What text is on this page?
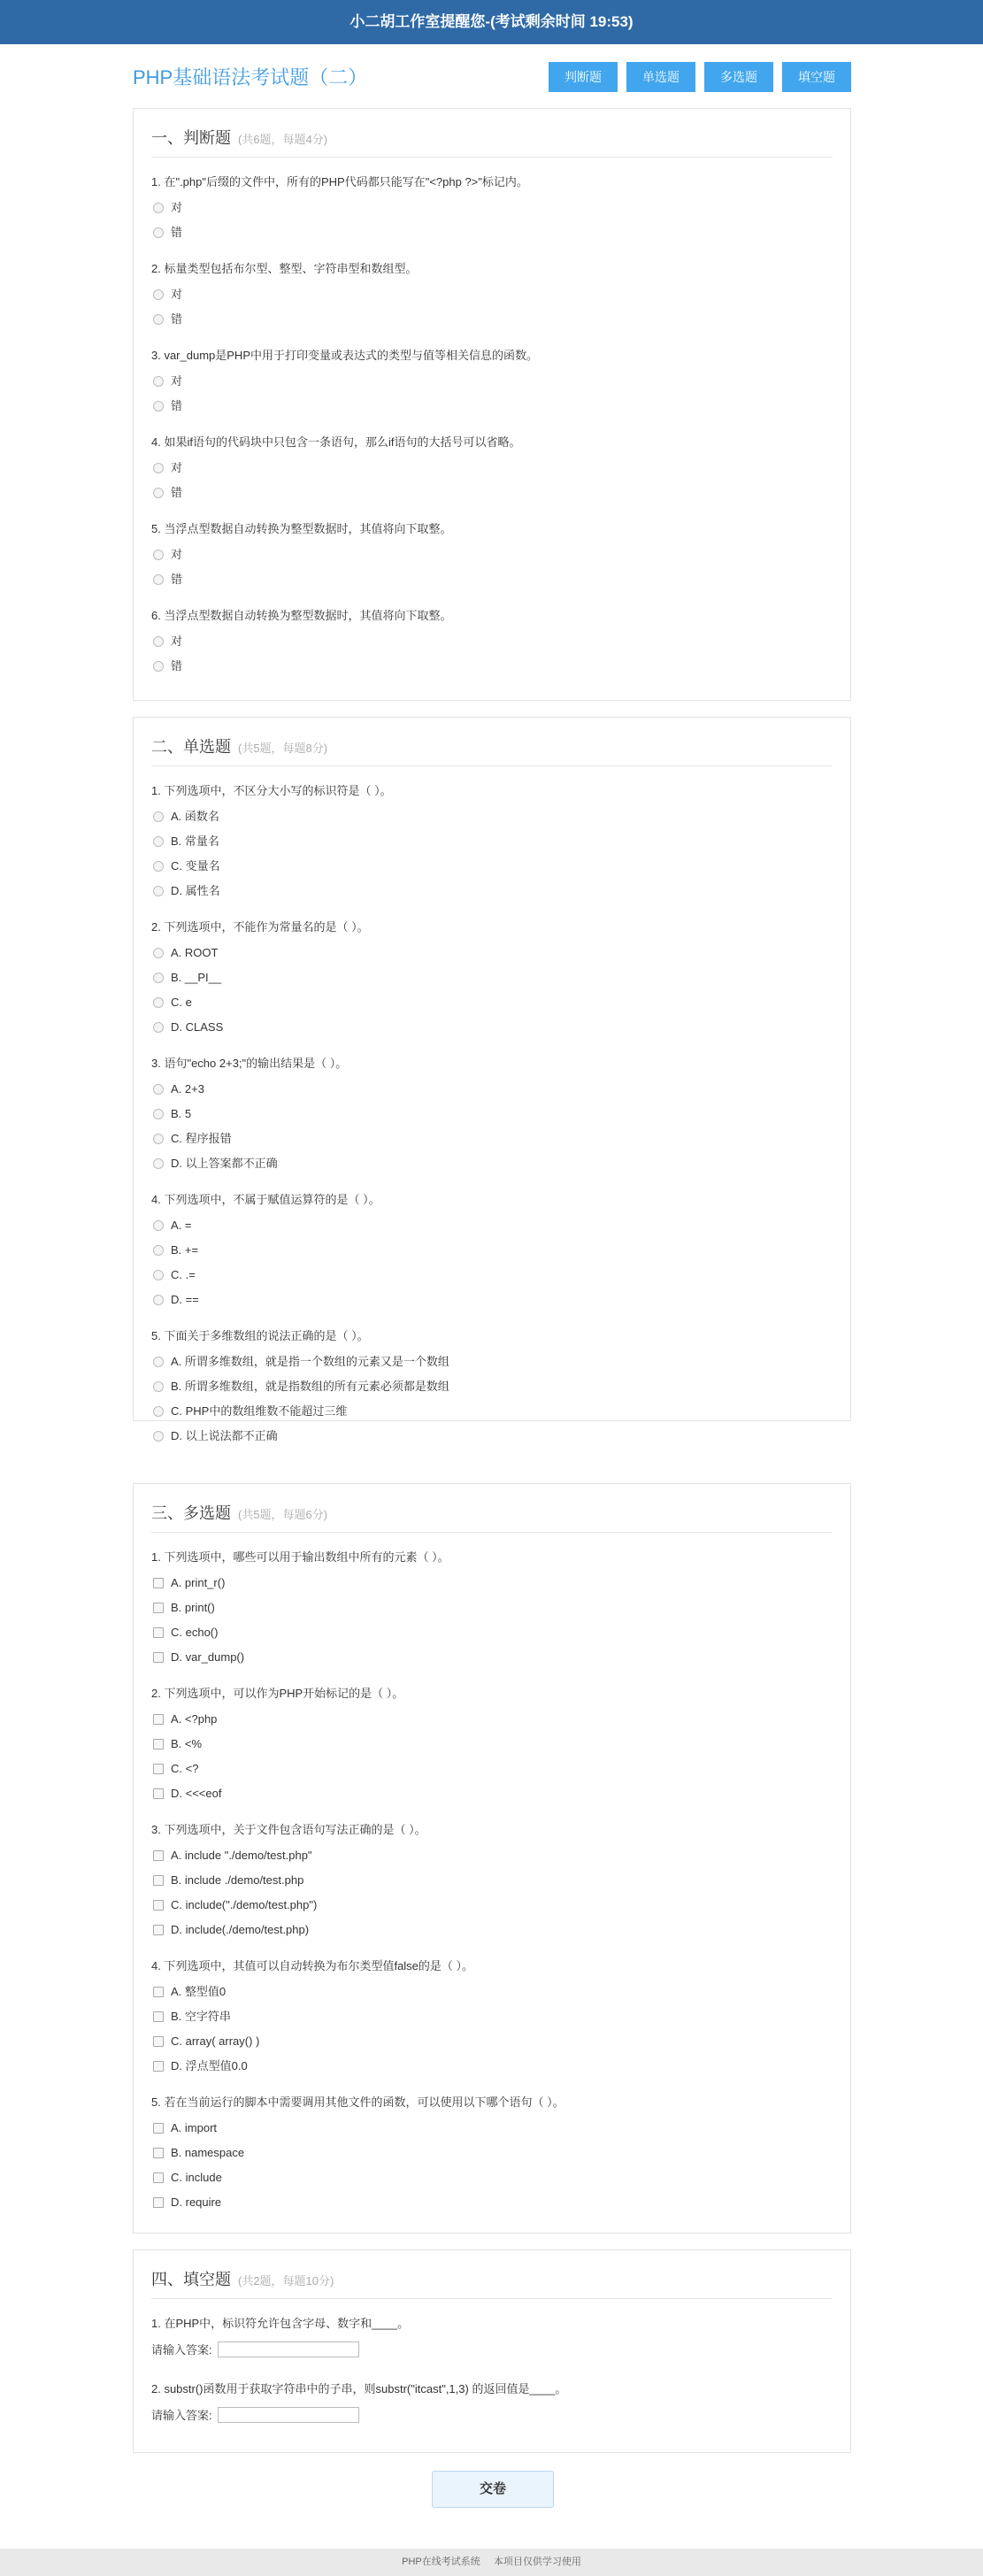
小二胡工作室提醒您-(考试剩余时间 19:53)
PHP基础语法考试题（二）	判断题	单选题	多选题	填空题
一、判断题 (共6题，每题4分)
1. 在".php"后缀的文件中，所有的PHP代码都只能写在"<?php ?>"标记内。
对
错
2. 标量类型包括布尔型、整型、字符串型和数组型。
对
错
3. var_dump是PHP中用于打印变量或表达式的类型与值等相关信息的函数。
对
错
4. 如果if语句的代码块中只包含一条语句，那么if语句的大括号可以省略。
对
错
5. 当浮点型数据自动转换为整型数据时，其值将向下取整。
对
错
6. 当浮点型数据自动转换为整型数据时，其值将向下取整。
对
错
二、单选题 (共5题，每题8分)
1. 下列选项中，不区分大小写的标识符是（ ）。
A. 函数名
B. 常量名
C. 变量名
D. 属性名
2. 下列选项中，不能作为常量名的是（ ）。
A. ROOT
B. __PI__
C. e
D. CLASS
3. 语句"echo 2+3;"的输出结果是（ ）。
A. 2+3
B. 5
C. 程序报错
D. 以上答案都不正确
4. 下列选项中，不属于赋值运算符的是（ ）。
A. =
B. +=
C. .=
D. ==
5. 下面关于多维数组的说法正确的是（ ）。
A. 所谓多维数组，就是指一个数组的元素又是一个数组
B. 所谓多维数组，就是指数组的所有元素必须都是数组
C. PHP中的数组维数不能超过三维
D. 以上说法都不正确
三、多选题 (共5题，每题6分)
1. 下列选项中，哪些可以用于输出数组中所有的元素（ ）。
A. print_r()
B. print()
C. echo()
D. var_dump()
2. 下列选项中，可以作为PHP开始标记的是（ ）。
A. <?php
B. <%
C. <?
D. <<<eof
3. 下列选项中，关于文件包含语句写法正确的是（ ）。
A. include "./demo/test.php"
B. include ./demo/test.php
C. include("./demo/test.php")
D. include(./demo/test.php)
4. 下列选项中，其值可以自动转换为布尔类型值false的是（ ）。
A. 整型值0
B. 空字符串
C. array( array() )
D. 浮点型值0.0
5. 若在当前运行的脚本中需要调用其他文件的函数，可以使用以下哪个语句（ ）。
A. import
B. namespace
C. include
D. require
四、填空题 (共2题，每题10分)
1. 在PHP中，标识符允许包含字母、数字和____。
请输入答案:
2. substr()函数用于获取字符串中的子串，则substr("itcast",1,3) 的返回值是____。
请输入答案:
交卷
PHP在线考试系统 本项目仅供学习使用
